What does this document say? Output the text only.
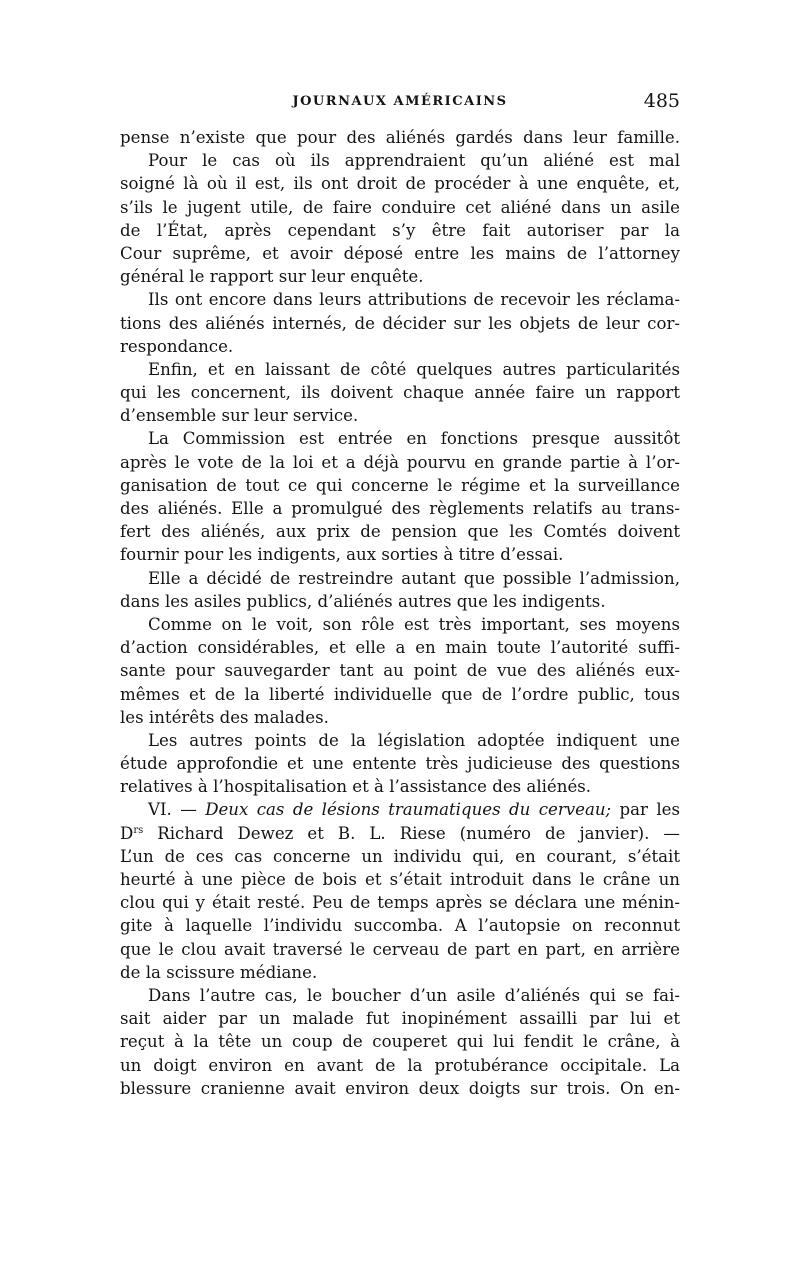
JOURNAUX AMÉRICAINS	485
pense n’existe que pour des aliénés gardés dans leur famille.
Pour le cas où ils apprendraient qu’un aliéné est mal
soigné là où il est, ils ont droit de procéder à une enquête, et,
s’ils le jugent utile, de faire conduire cet aliéné dans un asile
de l’État, après cependant s’y être fait autoriser par la
Cour suprême, et avoir déposé entre les mains de l’attorney
général le rapport sur leur enquête.
Ils ont encore dans leurs attributions de recevoir les réclama-
tions des aliénés internés, de décider sur les objets de leur cor-
respondance.
Enfin, et en laissant de côté quelques autres particularités
qui les concernent, ils doivent chaque année faire un rapport
d’ensemble sur leur service.
La Commission est entrée en fonctions presque aussitôt
après le vote de la loi et a déjà pourvu en grande partie à l’or-
ganisation de tout ce qui concerne le régime et la surveillance
des aliénés. Elle a promulgué des règlements relatifs au trans-
fert des aliénés, aux prix de pension que les Comtés doivent
fournir pour les indigents, aux sorties à titre d’essai.
Elle a décidé de restreindre autant que possible l’admission,
dans les asiles publics, d’aliénés autres que les indigents.
Comme on le voit, son rôle est très important, ses moyens
d’action considérables, et elle a en main toute l’autorité suffi-
sante pour sauvegarder tant au point de vue des aliénés eux-
mêmes et de la liberté individuelle que de l’ordre public, tous
les intérêts des malades.
Les autres points de la législation adoptée indiquent une
étude approfondie et une entente très judicieuse des questions
relatives à l’hospitalisation et à l’assistance des aliénés.
VI. — Deux cas de lésions traumatiques du cerveau; par les
$D^{rs}$ Richard Dewez et B. L. Riese (numéro de janvier). —
L’un de ces cas concerne un individu qui, en courant, s’était
heurté à une pièce de bois et s’était introduit dans le crâne un
clou qui y était resté. Peu de temps après se déclara une ménin-
gite à laquelle l’individu succomba. A l’autopsie on reconnut
que le clou avait traversé le cerveau de part en part, en arrière
de la scissure médiane.
Dans l’autre cas, le boucher d’un asile d’aliénés qui se fai-
sait aider par un malade fut inopinément assailli par lui et
reçut à la tête un coup de couperet qui lui fendit le crâne, à
un doigt environ en avant de la protubérance occipitale. La
blessure cranienne avait environ deux doigts sur trois. On en-
